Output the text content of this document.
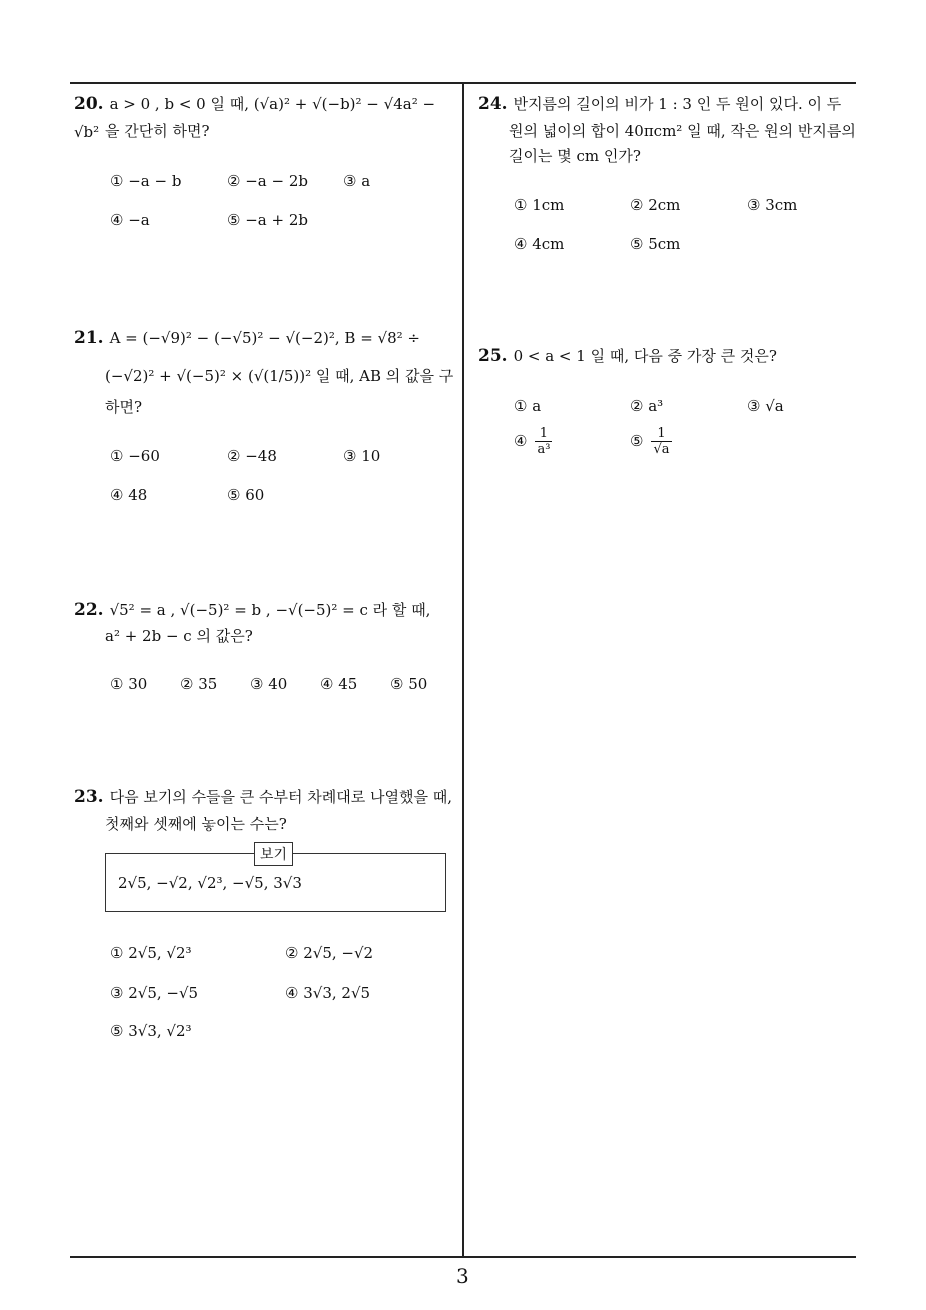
20. a > 0 , b < 0 일 때, (√a)² + √(−b)² − √4a² − √b² 을 간단히 하면?
① −a − b	② −a − 2b ③ a
④ −a	⑤ −a + 2b
21. A = (−√9)² − (−√5)² − √(−2)², B = √8² ÷
(−√2)² + √(−5)² × (√(1/5))² 일 때, AB 의 값을 구
하면?
① −60	② −48	③ 10
④ 48	⑤ 60
22. √5² = a , √(−5)² = b , −√(−5)² = c 라 할 때,
a² + 2b − c 의 값은?
① 30 ② 35 ③ 40 ④ 45 ⑤ 50
23. 다음 보기의 수들을 큰 수부터 차례대로 나열했을 때,
첫째와 셋째에 놓이는 수는?
보기
2√5, −√2, √2³, −√5, 3√3
① 2√5, √2³	② 2√5, −√2
③ 2√5, −√5	④ 3√3, 2√5
⑤ 3√3, √2³
24. 반지름의 길이의 비가 1 : 3 인 두 원이 있다. 이 두
원의 넓이의 합이 40πcm² 일 때, 작은 원의 반지름의
길이는 몇 cm 인가?
① 1cm	② 2cm	③ 3cm
④ 4cm	⑤ 5cm
25. 0 < a < 1 일 때, 다음 중 가장 큰 것은?
① a	② a³	③ √a
④ $\frac{1}{\text{a³}}$	⑤ $\frac{1}{√a}$
3
